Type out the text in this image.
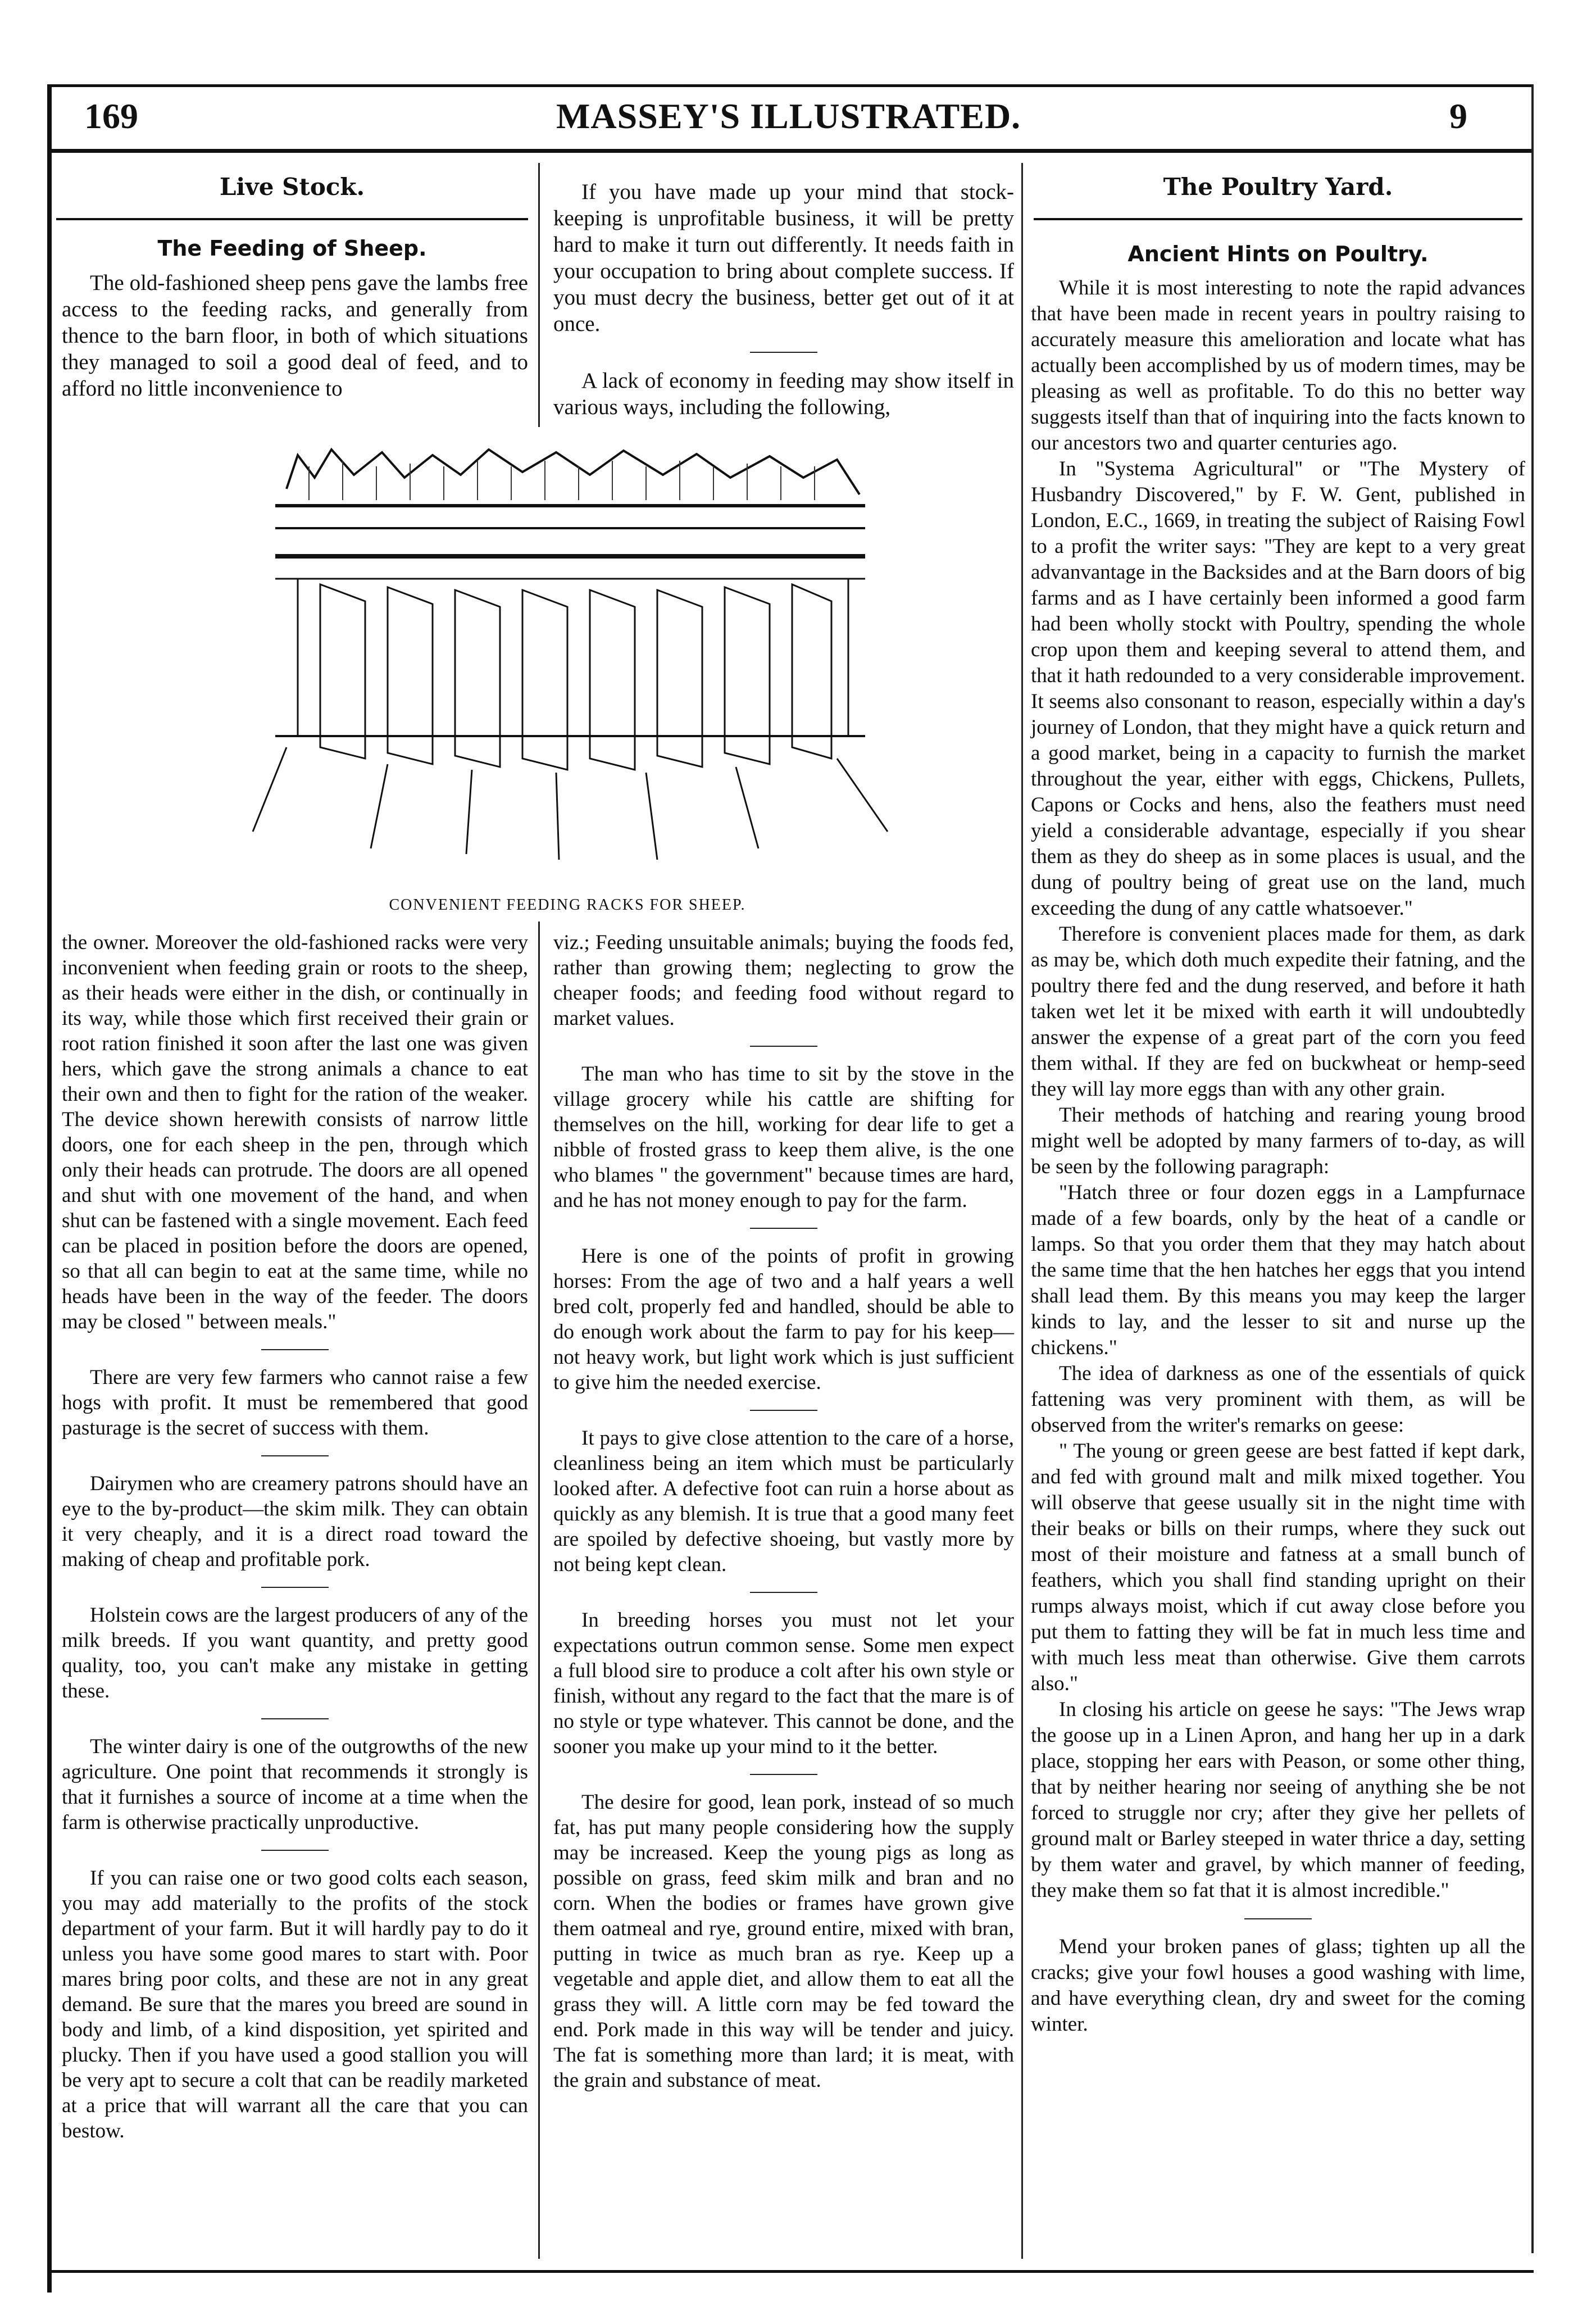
169	MASSEY'S ILLUSTRATED.	9
Live Stock.
The Feeding of Sheep.

The old-fashioned sheep pens gave the lambs free access to the feeding racks, and generally from thence to the barn floor, in both of which situations they managed to soil a good deal of feed, and to afford no little inconvenience to

If you have made up your mind that stock-keeping is unprofitable business, it will be pretty hard to make it turn out differently. It needs faith in your occupation to bring about complete success. If you must decry the business, better get out of it at once.

A lack of economy in feeding may show itself in various ways, including the following,

The Poultry Yard.
Ancient Hints on Poultry.

While it is most interesting to note the rapid advances that have been made in recent years in poultry raising to accurately measure this amelioration and locate what has actually been accomplished by us of modern times, may be pleasing as well as profitable. To do this no better way suggests itself than that of inquiring into the facts known to our ancestors two and quarter centuries ago.

In "Systema Agricultural" or "The Mystery of Husbandry Discovered," by F. W. Gent, published in London, E.C., 1669, in treating the subject of Raising Fowl to a profit the writer says: "They are kept to a very great advanvantage in the Backsides and at the Barn doors of big farms and as I have certainly been informed a good farm had been wholly stockt with Poultry, spending the whole crop upon them and keeping several to attend them, and that it hath redounded to a very considerable improvement. It seems also consonant to reason, especially within a day's journey of London, that they might have a quick return and a good market, being in a capacity to furnish the market throughout the year, either with eggs, Chickens, Pullets, Capons or Cocks and hens, also the feathers must need yield a considerable advantage, especially if you shear them as they do sheep as in some places is usual, and the dung of poultry being of great use on the land, much exceeding the dung of any cattle whatsoever."

Therefore is convenient places made for them, as dark as may be, which doth much expedite their fatning, and the poultry there fed and the dung reserved, and before it hath taken wet let it be mixed with earth it will undoubtedly answer the expense of a great part of the corn you feed them withal. If they are fed on buckwheat or hemp-seed they will lay more eggs than with any other grain.

Their methods of hatching and rearing young brood might well be adopted by many farmers of to-day, as will be seen by the following paragraph:

"Hatch three or four dozen eggs in a Lampfurnace made of a few boards, only by the heat of a candle or lamps. So that you order them that they may hatch about the same time that the hen hatches her eggs that you intend shall lead them. By this means you may keep the larger kinds to lay, and the lesser to sit and nurse up the chickens."

The idea of darkness as one of the essentials of quick fattening was very prominent with them, as will be observed from the writer's remarks on geese:

" The young or green geese are best fatted if kept dark, and fed with ground malt and milk mixed together. You will observe that geese usually sit in the night time with their beaks or bills on their rumps, where they suck out most of their moisture and fatness at a small bunch of feathers, which you shall find standing upright on their rumps always moist, which if cut away close before you put them to fatting they will be fat in much less time and with much less meat than otherwise. Give them carrots also."

In closing his article on geese he says: "The Jews wrap the goose up in a Linen Apron, and hang her up in a dark place, stopping her ears with Peason, or some other thing, that by neither hearing nor seeing of anything she be not forced to struggle nor cry; after they give her pellets of ground malt or Barley steeped in water thrice a day, setting by them water and gravel, by which manner of feeding, they make them so fat that it is almost incredible."

Mend your broken panes of glass; tighten up all the cracks; give your fowl houses a good washing with lime, and have everything clean, dry and sweet for the coming winter.

CONVENIENT FEEDING RACKS FOR SHEEP.

the owner. Moreover the old-fashioned racks were very inconvenient when feeding grain or roots to the sheep, as their heads were either in the dish, or continually in its way, while those which first received their grain or root ration finished it soon after the last one was given hers, which gave the strong animals a chance to eat their own and then to fight for the ration of the weaker. The device shown herewith consists of narrow little doors, one for each sheep in the pen, through which only their heads can protrude. The doors are all opened and shut with one movement of the hand, and when shut can be fastened with a single movement. Each feed can be placed in position before the doors are opened, so that all can begin to eat at the same time, while no heads have been in the way of the feeder. The doors may be closed " between meals."

There are very few farmers who cannot raise a few hogs with profit. It must be remembered that good pasturage is the secret of success with them.

Dairymen who are creamery patrons should have an eye to the by-product—the skim milk. They can obtain it very cheaply, and it is a direct road toward the making of cheap and profitable pork.

Holstein cows are the largest producers of any of the milk breeds. If you want quantity, and pretty good quality, too, you can't make any mistake in getting these.

The winter dairy is one of the outgrowths of the new agriculture. One point that recommends it strongly is that it furnishes a source of income at a time when the farm is otherwise practically unproductive.

If you can raise one or two good colts each season, you may add materially to the profits of the stock department of your farm. But it will hardly pay to do it unless you have some good mares to start with. Poor mares bring poor colts, and these are not in any great demand. Be sure that the mares you breed are sound in body and limb, of a kind disposition, yet spirited and plucky. Then if you have used a good stallion you will be very apt to secure a colt that can be readily marketed at a price that will warrant all the care that you can bestow.

viz.; Feeding unsuitable animals; buying the foods fed, rather than growing them; neglecting to grow the cheaper foods; and feeding food without regard to market values.

The man who has time to sit by the stove in the village grocery while his cattle are shifting for themselves on the hill, working for dear life to get a nibble of frosted grass to keep them alive, is the one who blames " the government" because times are hard, and he has not money enough to pay for the farm.

Here is one of the points of profit in growing horses: From the age of two and a half years a well bred colt, properly fed and handled, should be able to do enough work about the farm to pay for his keep—not heavy work, but light work which is just sufficient to give him the needed exercise.

It pays to give close attention to the care of a horse, cleanliness being an item which must be particularly looked after. A defective foot can ruin a horse about as quickly as any blemish. It is true that a good many feet are spoiled by defective shoeing, but vastly more by not being kept clean.

In breeding horses you must not let your expectations outrun common sense. Some men expect a full blood sire to produce a colt after his own style or finish, without any regard to the fact that the mare is of no style or type whatever. This cannot be done, and the sooner you make up your mind to it the better.

The desire for good, lean pork, instead of so much fat, has put many people considering how the supply may be increased. Keep the young pigs as long as possible on grass, feed skim milk and bran and no corn. When the bodies or frames have grown give them oatmeal and rye, ground entire, mixed with bran, putting in twice as much bran as rye. Keep up a vegetable and apple diet, and allow them to eat all the grass they will. A little corn may be fed toward the end. Pork made in this way will be tender and juicy. The fat is something more than lard; it is meat, with the grain and substance of meat.
